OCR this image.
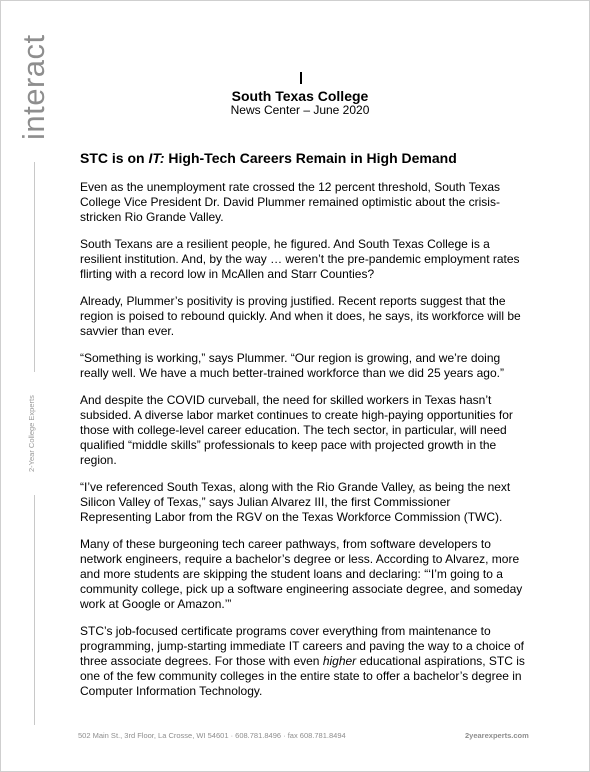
interact
2-Year College Experts
South Texas College
News Center – June 2020
STC is on IT: High-Tech Careers Remain in High Demand

Even as the unemployment rate crossed the 12 percent threshold, South Texas College Vice President Dr. David Plummer remained optimistic about the crisis-stricken Rio Grande Valley.

South Texans are a resilient people, he figured. And South Texas College is a resilient institution. And, by the way … weren’t the pre-pandemic employment rates flirting with a record low in McAllen and Starr Counties?

Already, Plummer’s positivity is proving justified. Recent reports suggest that the region is poised to rebound quickly. And when it does, he says, its workforce will be savvier than ever.

“Something is working,” says Plummer. “Our region is growing, and we’re doing really well. We have a much better-trained workforce than we did 25 years ago.”

And despite the COVID curveball, the need for skilled workers in Texas hasn’t subsided. A diverse labor market continues to create high-paying opportunities for those with college-level career education. The tech sector, in particular, will need qualified “middle skills” professionals to keep pace with projected growth in the region.

“I’ve referenced South Texas, along with the Rio Grande Valley, as being the next Silicon Valley of Texas,” says Julian Alvarez III, the first Commissioner Representing Labor from the RGV on the Texas Workforce Commission (TWC).

Many of these burgeoning tech career pathways, from software developers to network engineers, require a bachelor’s degree or less. According to Alvarez, more and more students are skipping the student loans and declaring: “‘I’m going to a community college, pick up a software engineering associate degree, and someday work at Google or Amazon.’”

STC’s job-focused certificate programs cover everything from maintenance to programming, jump-starting immediate IT careers and paving the way to a choice of three associate degrees. For those with even higher educational aspirations, STC is one of the few community colleges in the entire state to offer a bachelor’s degree in Computer Information Technology.

502 Main St., 3rd Floor, La Crosse, WI 54601 · 608.781.8496 · fax 608.781.8494	2yearexperts.com
